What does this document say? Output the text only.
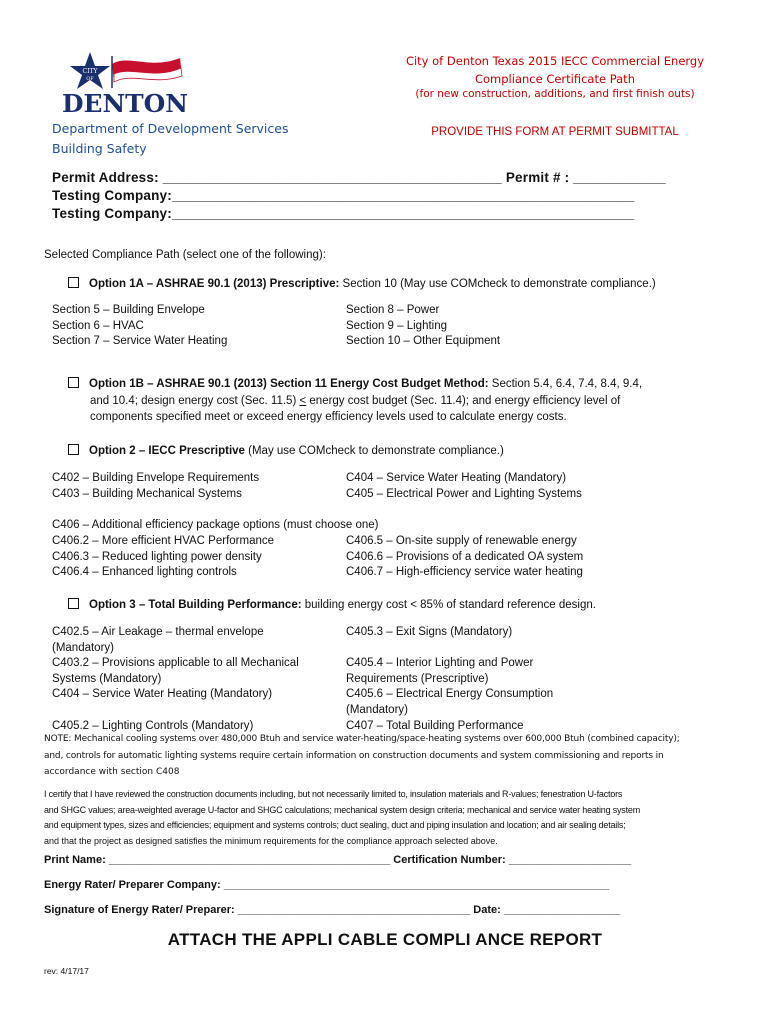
CITY
OF
DENTON
Department of Development Services
Building Safety
City of Denton Texas 2015 IECC Commercial Energy
Compliance Certificate Path
(for new construction, additions, and first finish outs)
PROVIDE THIS FORM AT PERMIT SUBMITTAL
Permit Address: ____________________________________________ Permit # : ____________
Testing Company:____________________________________________________________
Testing Company:____________________________________________________________
Selected Compliance Path (select one of the following):
Option 1A – ASHRAE 90.1 (2013) Prescriptive: Section 10 (May use COMcheck to demonstrate compliance.)
Section 5 – Building Envelope
Section 6 – HVAC
Section 7 – Service Water Heating
Section 8 – Power
Section 9 – Lighting
Section 10 – Other Equipment
Option 1B – ASHRAE 90.1 (2013) Section 11 Energy Cost Budget Method: Section 5.4, 6.4, 7.4, 8.4, 9.4,
and 10.4; design energy cost (Sec. 11.5) < energy cost budget (Sec. 11.4); and energy efficiency level of
components specified meet or exceed energy efficiency levels used to calculate energy costs.
Option 2 – IECC Prescriptive (May use COMcheck to demonstrate compliance.)
C402 – Building Envelope Requirements
C403 – Building Mechanical Systems
C404 – Service Water Heating (Mandatory)
C405 – Electrical Power and Lighting Systems
C406 – Additional efficiency package options (must choose one)
C406.2 – More efficient HVAC Performance
C406.3 – Reduced lighting power density
C406.4 – Enhanced lighting controls
C406.5 – On-site supply of renewable energy
C406.6 – Provisions of a dedicated OA system
C406.7 – High-efficiency service water heating
Option 3 – Total Building Performance: building energy cost < 85% of standard reference design.
C402.5 – Air Leakage – thermal envelope
(Mandatory)
C403.2 – Provisions applicable to all Mechanical
Systems (Mandatory)
C404 – Service Water Heating (Mandatory)
C405.2 – Lighting Controls (Mandatory)
C405.3 – Exit Signs (Mandatory)
C405.4 – Interior Lighting and Power
Requirements (Prescriptive)
C405.6 – Electrical Energy Consumption
(Mandatory)
C407 – Total Building Performance
NOTE: Mechanical cooling systems over 480,000 Btuh and service water-heating/space-heating systems over 600,000 Btuh (combined capacity);
and, controls for automatic lighting systems require certain information on construction documents and system commissioning and reports in
accordance with section C408
I certify that I have reviewed the construction documents including, but not necessarily limited to, insulation materials and R-values; fenestration U-factors
and SHGC values; area-weighted average U-factor and SHGC calculations; mechanical system design criteria; mechanical and service water heating system
and equipment types, sizes and efficiencies; equipment and systems controls; duct sealing, duct and piping insulation and location; and air sealing details;
and that the project as designed satisfies the minimum requirements for the compliance approach selected above.
Print Name: ______________________________________________ Certification Number: ____________________
Energy Rater/ Preparer Company: _______________________________________________________________
Signature of Energy Rater/ Preparer: ______________________________________ Date: ___________________
ATTACH THE APPLI CABLE COMPLI ANCE REPORT
rev: 4/17/17
